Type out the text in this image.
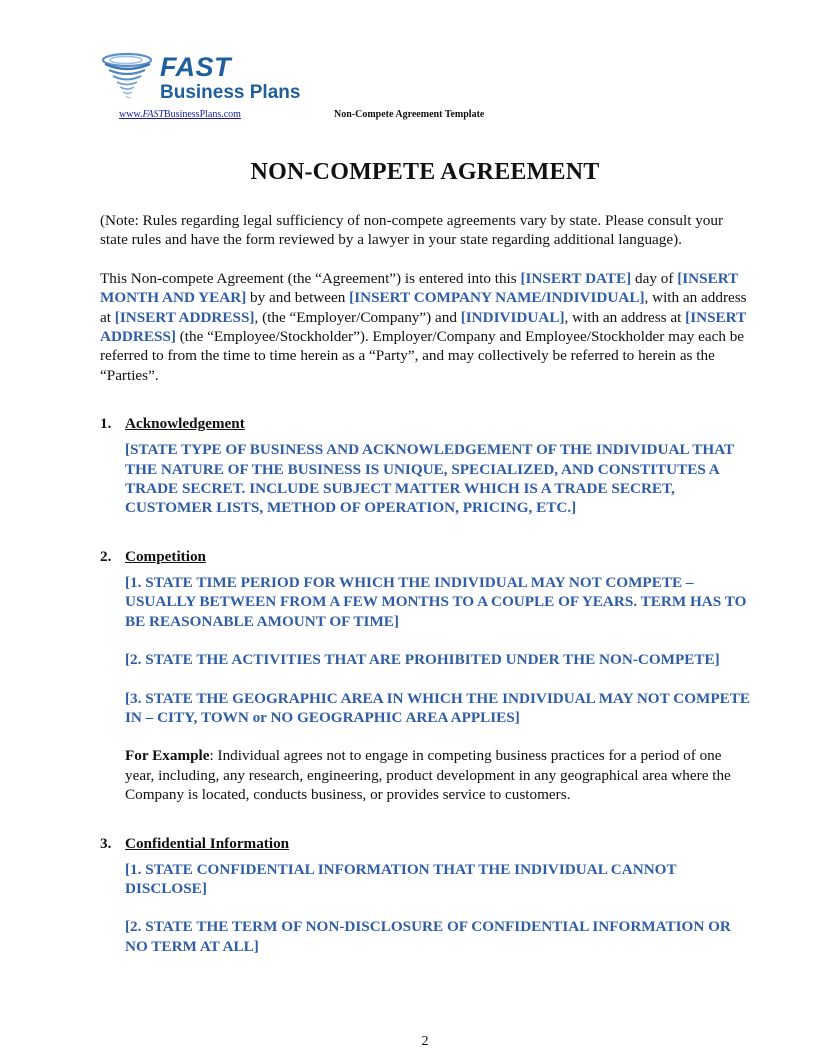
FAST
Business Plans
www.FASTBusinessPlans.com	Non-Compete Agreement Template
NON-COMPETE AGREEMENT

(Note: Rules regarding legal sufficiency of non-compete agreements vary by state. Please consult your state rules and have the form reviewed by a lawyer in your state regarding additional language).

This Non-compete Agreement (the “Agreement”) is entered into this [INSERT DATE] day of [INSERT MONTH AND YEAR] by and between [INSERT COMPANY NAME/INDIVIDUAL], with an address at [INSERT ADDRESS], (the “Employer/Company”) and [INDIVIDUAL], with an address at [INSERT ADDRESS] (the “Employee/Stockholder”). Employer/Company and Employee/Stockholder may each be referred to from the time to time herein as a “Party”, and may collectively be referred to herein as the “Parties”.

1. Acknowledgement

[STATE TYPE OF BUSINESS AND ACKNOWLEDGEMENT OF THE INDIVIDUAL THAT THE NATURE OF THE BUSINESS IS UNIQUE, SPECIALIZED, AND CONSTITUTES A TRADE SECRET. INCLUDE SUBJECT MATTER WHICH IS A TRADE SECRET, CUSTOMER LISTS, METHOD OF OPERATION, PRICING, ETC.]

2. Competition

[1. STATE TIME PERIOD FOR WHICH THE INDIVIDUAL MAY NOT COMPETE – USUALLY BETWEEN FROM A FEW MONTHS TO A COUPLE OF YEARS. TERM HAS TO BE REASONABLE AMOUNT OF TIME]

[2. STATE THE ACTIVITIES THAT ARE PROHIBITED UNDER THE NON-COMPETE]

[3. STATE THE GEOGRAPHIC AREA IN WHICH THE INDIVIDUAL MAY NOT COMPETE IN – CITY, TOWN or NO GEOGRAPHIC AREA APPLIES]

For Example: Individual agrees not to engage in competing business practices for a period of one year, including, any research, engineering, product development in any geographical area where the Company is located, conducts business, or provides service to customers.

3. Confidential Information

[1. STATE CONFIDENTIAL INFORMATION THAT THE INDIVIDUAL CANNOT DISCLOSE]

[2. STATE THE TERM OF NON-DISCLOSURE OF CONFIDENTIAL INFORMATION OR NO TERM AT ALL]

2
